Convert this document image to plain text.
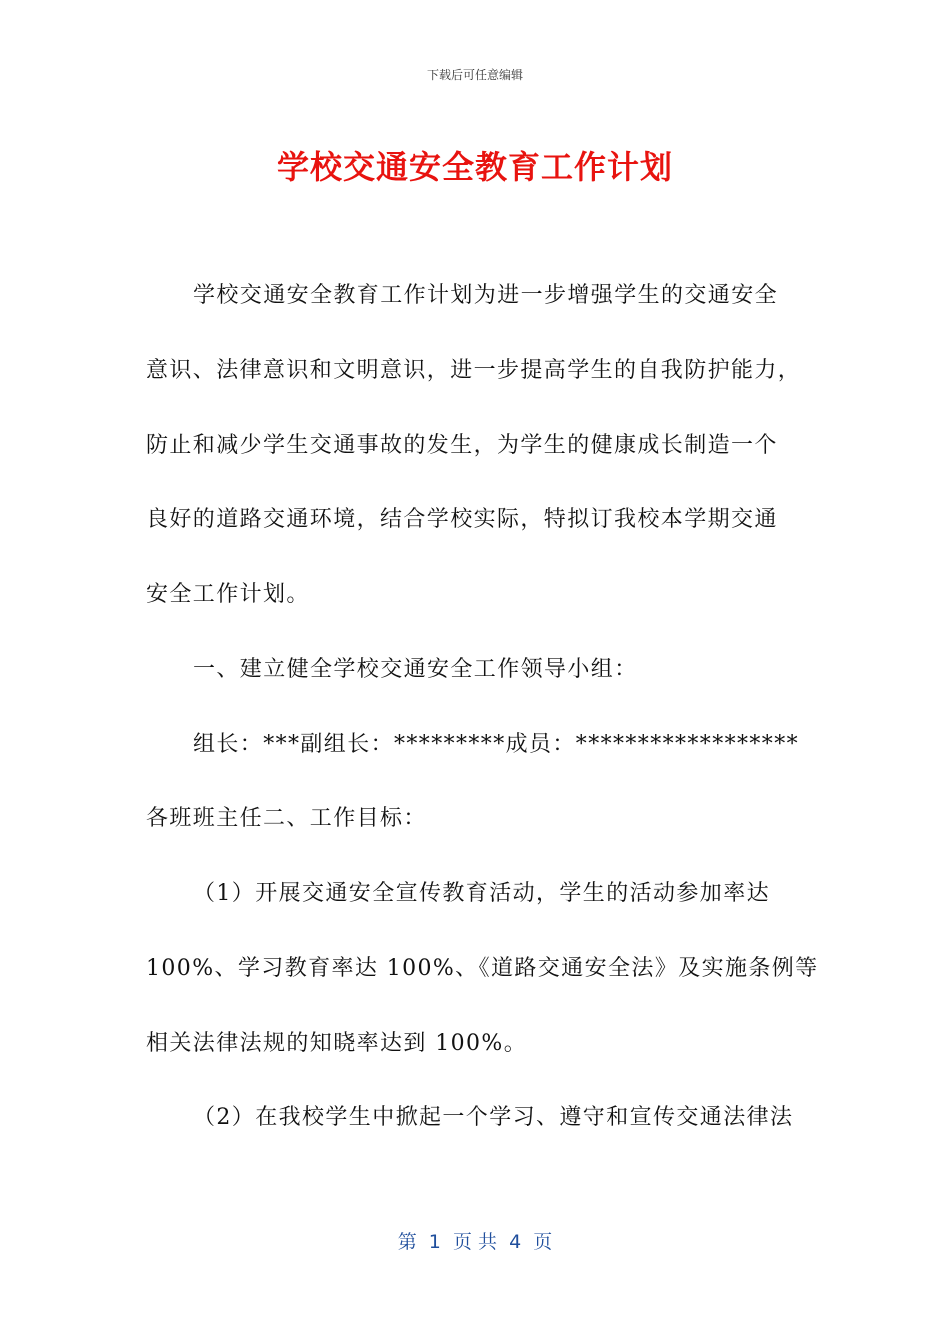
下载后可任意编辑
学校交通安全教育工作计划
学校交通安全教育工作计划为进一步增强学生的交通安全
意识、法律意识和文明意识，进一步提高学生的自我防护能力，
防止和减少学生交通事故的发生，为学生的健康成长制造一个
良好的道路交通环境，结合学校实际，特拟订我校本学期交通
安全工作计划。
一、建立健全学校交通安全工作领导小组：
组长：***副组长：*********成员：******************
各班班主任二、工作目标：
（1）开展交通安全宣传教育活动，学生的活动参加率达
100%、学习教育率达 100%、《道路交通安全法》及实施条例等
相关法律法规的知晓率达到 100%。
（2）在我校学生中掀起一个学习、遵守和宣传交通法律法
第  1  页 共  4  页
